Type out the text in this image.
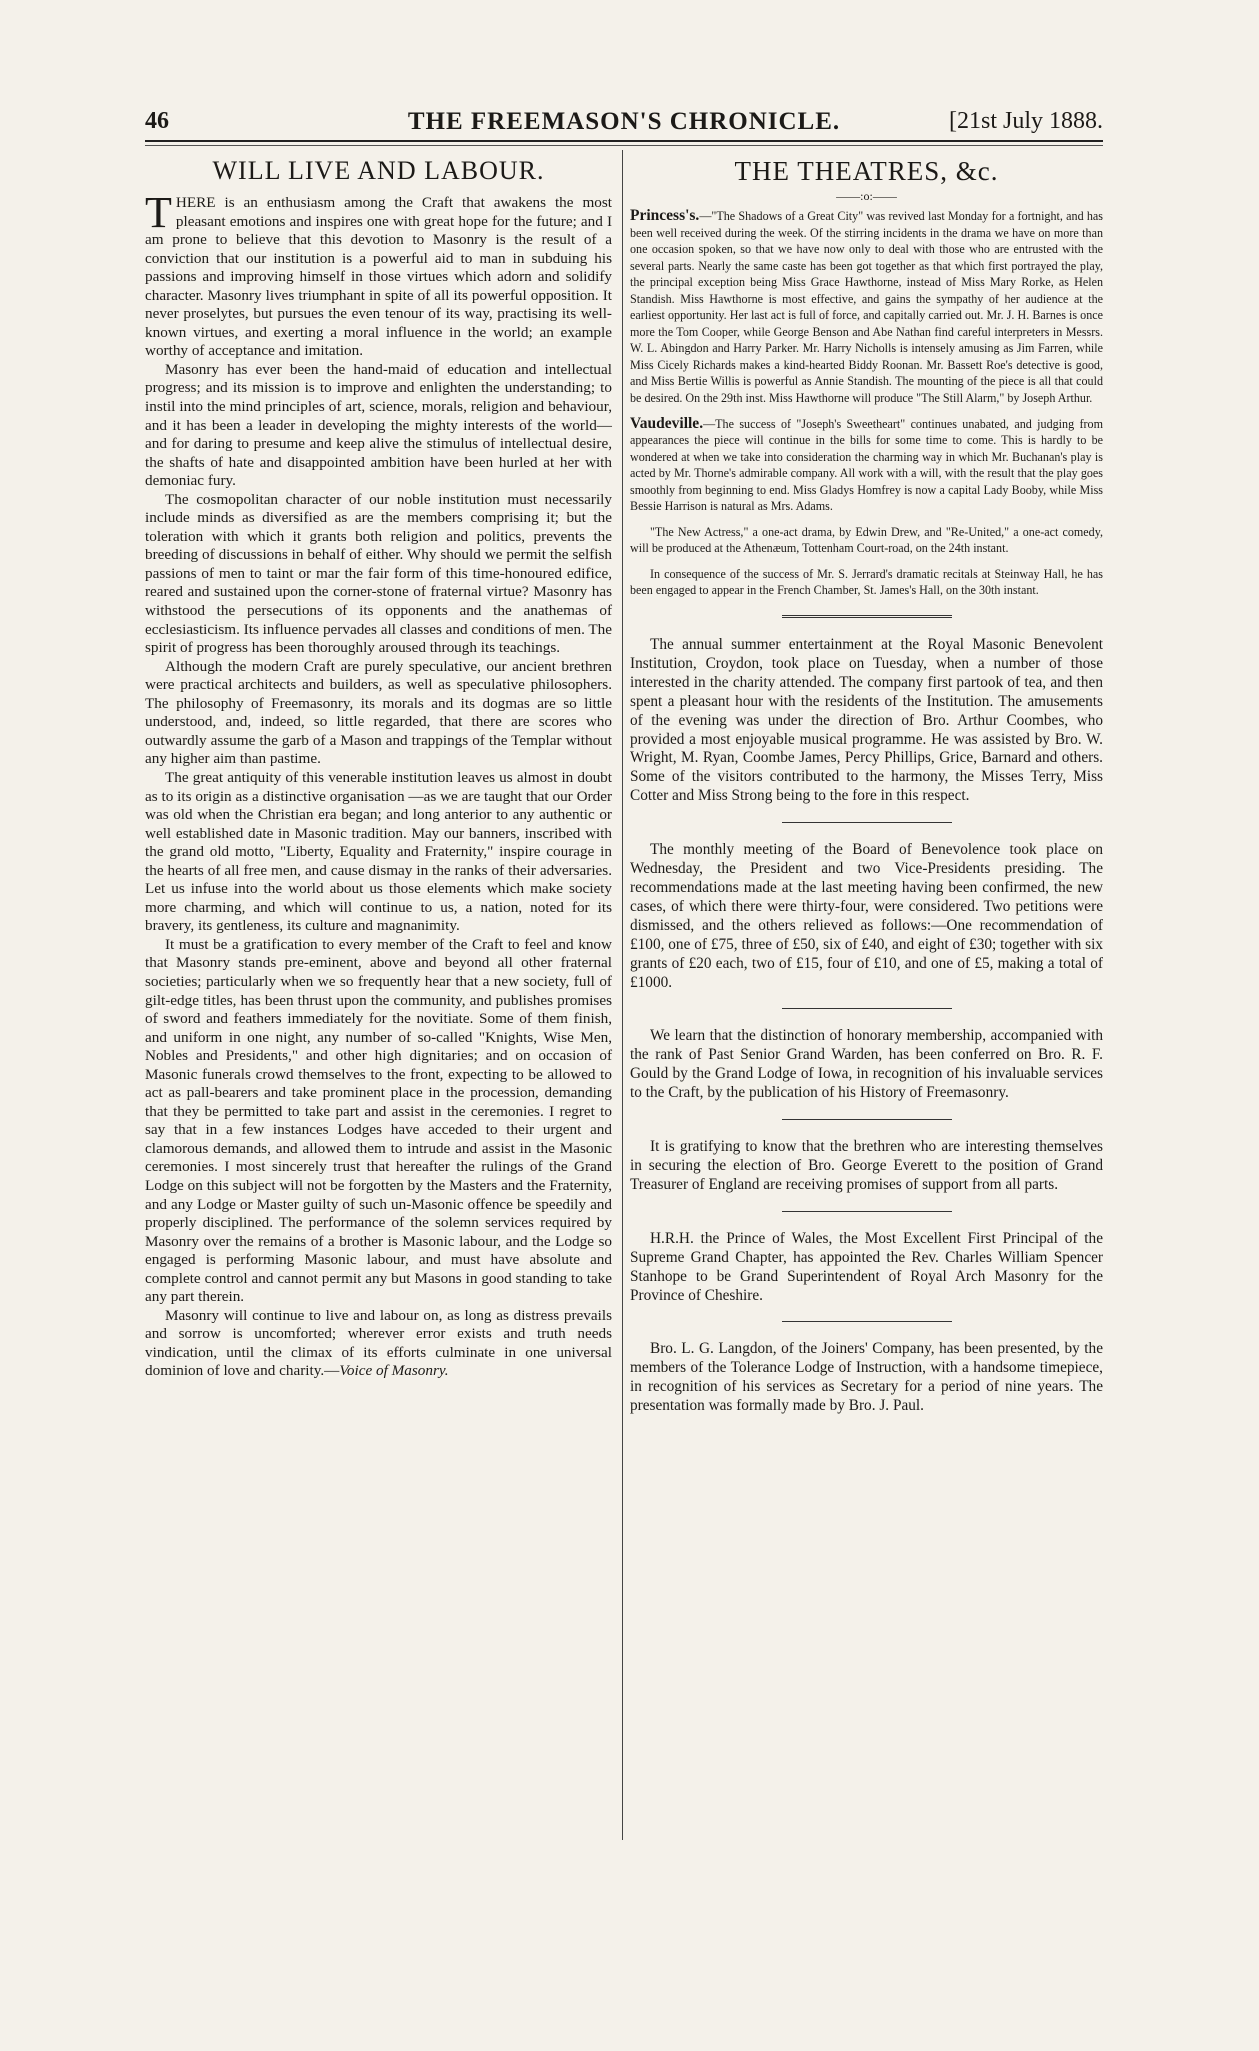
46	THE FREEMASON'S CHRONICLE.	[21st July 1888.
WILL LIVE AND LABOUR.

THERE is an enthusiasm among the Craft that awakens the most pleasant emotions and inspires one with great hope for the future; and I am prone to believe that this devotion to Masonry is the result of a conviction that our institution is a powerful aid to man in subduing his passions and improving himself in those virtues which adorn and solidify character. Masonry lives triumphant in spite of all its powerful opposition. It never proselytes, but pursues the even tenour of its way, practising its well-known virtues, and exerting a moral influence in the world; an example worthy of acceptance and imitation.

Masonry has ever been the hand-maid of education and intellectual progress; and its mission is to improve and enlighten the understanding; to instil into the mind principles of art, science, morals, religion and behaviour, and it has been a leader in developing the mighty interests of the world—and for daring to presume and keep alive the stimulus of intellectual desire, the shafts of hate and disappointed ambition have been hurled at her with demoniac fury.

The cosmopolitan character of our noble institution must necessarily include minds as diversified as are the members comprising it; but the toleration with which it grants both religion and politics, prevents the breeding of discussions in behalf of either. Why should we permit the selfish passions of men to taint or mar the fair form of this time-honoured edifice, reared and sustained upon the corner-stone of fraternal virtue? Masonry has withstood the persecutions of its opponents and the anathemas of ecclesiasticism. Its influence pervades all classes and conditions of men. The spirit of progress has been thoroughly aroused through its teachings.

Although the modern Craft are purely speculative, our ancient brethren were practical architects and builders, as well as speculative philosophers. The philosophy of Freemasonry, its morals and its dogmas are so little understood, and, indeed, so little regarded, that there are scores who outwardly assume the garb of a Mason and trappings of the Templar without any higher aim than pastime.

The great antiquity of this venerable institution leaves us almost in doubt as to its origin as a distinctive organisation —as we are taught that our Order was old when the Christian era began; and long anterior to any authentic or well established date in Masonic tradition. May our banners, inscribed with the grand old motto, "Liberty, Equality and Fraternity," inspire courage in the hearts of all free men, and cause dismay in the ranks of their adversaries. Let us infuse into the world about us those elements which make society more charming, and which will continue to us, a nation, noted for its bravery, its gentleness, its culture and magnanimity.

It must be a gratification to every member of the Craft to feel and know that Masonry stands pre-eminent, above and beyond all other fraternal societies; particularly when we so frequently hear that a new society, full of gilt-edge titles, has been thrust upon the community, and publishes promises of sword and feathers immediately for the novitiate. Some of them finish, and uniform in one night, any number of so-called "Knights, Wise Men, Nobles and Presidents," and other high dignitaries; and on occasion of Masonic funerals crowd themselves to the front, expecting to be allowed to act as pall-bearers and take prominent place in the procession, demanding that they be permitted to take part and assist in the ceremonies. I regret to say that in a few instances Lodges have acceded to their urgent and clamorous demands, and allowed them to intrude and assist in the Masonic ceremonies. I most sincerely trust that hereafter the rulings of the Grand Lodge on this subject will not be forgotten by the Masters and the Fraternity, and any Lodge or Master guilty of such un-Masonic offence be speedily and properly disciplined. The performance of the solemn services required by Masonry over the remains of a brother is Masonic labour, and the Lodge so engaged is performing Masonic labour, and must have absolute and complete control and cannot permit any but Masons in good standing to take any part therein.

Masonry will continue to live and labour on, as long as distress prevails and sorrow is uncomforted; wherever error exists and truth needs vindication, until the climax of its efforts culminate in one universal dominion of love and charity.—Voice of Masonry.

THE THEATRES, &c.
——:o:——

Princess's.—"The Shadows of a Great City" was revived last Monday for a fortnight, and has been well received during the week. Of the stirring incidents in the drama we have on more than one occasion spoken, so that we have now only to deal with those who are entrusted with the several parts. Nearly the same caste has been got together as that which first portrayed the play, the principal exception being Miss Grace Hawthorne, instead of Miss Mary Rorke, as Helen Standish. Miss Hawthorne is most effective, and gains the sympathy of her audience at the earliest opportunity. Her last act is full of force, and capitally carried out. Mr. J. H. Barnes is once more the Tom Cooper, while George Benson and Abe Nathan find careful interpreters in Messrs. W. L. Abingdon and Harry Parker. Mr. Harry Nicholls is intensely amusing as Jim Farren, while Miss Cicely Richards makes a kind-hearted Biddy Roonan. Mr. Bassett Roe's detective is good, and Miss Bertie Willis is powerful as Annie Standish. The mounting of the piece is all that could be desired. On the 29th inst. Miss Hawthorne will produce "The Still Alarm," by Joseph Arthur.

Vaudeville.—The success of "Joseph's Sweetheart" continues unabated, and judging from appearances the piece will continue in the bills for some time to come. This is hardly to be wondered at when we take into consideration the charming way in which Mr. Buchanan's play is acted by Mr. Thorne's admirable company. All work with a will, with the result that the play goes smoothly from beginning to end. Miss Gladys Homfrey is now a capital Lady Booby, while Miss Bessie Harrison is natural as Mrs. Adams.

"The New Actress," a one-act drama, by Edwin Drew, and "Re-United," a one-act comedy, will be produced at the Athenæum, Tottenham Court-road, on the 24th instant.

In consequence of the success of Mr. S. Jerrard's dramatic recitals at Steinway Hall, he has been engaged to appear in the French Chamber, St. James's Hall, on the 30th instant.

The annual summer entertainment at the Royal Masonic Benevolent Institution, Croydon, took place on Tuesday, when a number of those interested in the charity attended. The company first partook of tea, and then spent a pleasant hour with the residents of the Institution. The amusements of the evening was under the direction of Bro. Arthur Coombes, who provided a most enjoyable musical programme. He was assisted by Bro. W. Wright, M. Ryan, Coombe James, Percy Phillips, Grice, Barnard and others. Some of the visitors contributed to the harmony, the Misses Terry, Miss Cotter and Miss Strong being to the fore in this respect.

The monthly meeting of the Board of Benevolence took place on Wednesday, the President and two Vice-Presidents presiding. The recommendations made at the last meeting having been confirmed, the new cases, of which there were thirty-four, were considered. Two petitions were dismissed, and the others relieved as follows:—One recommendation of £100, one of £75, three of £50, six of £40, and eight of £30; together with six grants of £20 each, two of £15, four of £10, and one of £5, making a total of £1000.

We learn that the distinction of honorary membership, accompanied with the rank of Past Senior Grand Warden, has been conferred on Bro. R. F. Gould by the Grand Lodge of Iowa, in recognition of his invaluable services to the Craft, by the publication of his History of Freemasonry.

It is gratifying to know that the brethren who are interesting themselves in securing the election of Bro. George Everett to the position of Grand Treasurer of England are receiving promises of support from all parts.

H.R.H. the Prince of Wales, the Most Excellent First Principal of the Supreme Grand Chapter, has appointed the Rev. Charles William Spencer Stanhope to be Grand Superintendent of Royal Arch Masonry for the Province of Cheshire.

Bro. L. G. Langdon, of the Joiners' Company, has been presented, by the members of the Tolerance Lodge of Instruction, with a handsome timepiece, in recognition of his services as Secretary for a period of nine years. The presentation was formally made by Bro. J. Paul.
